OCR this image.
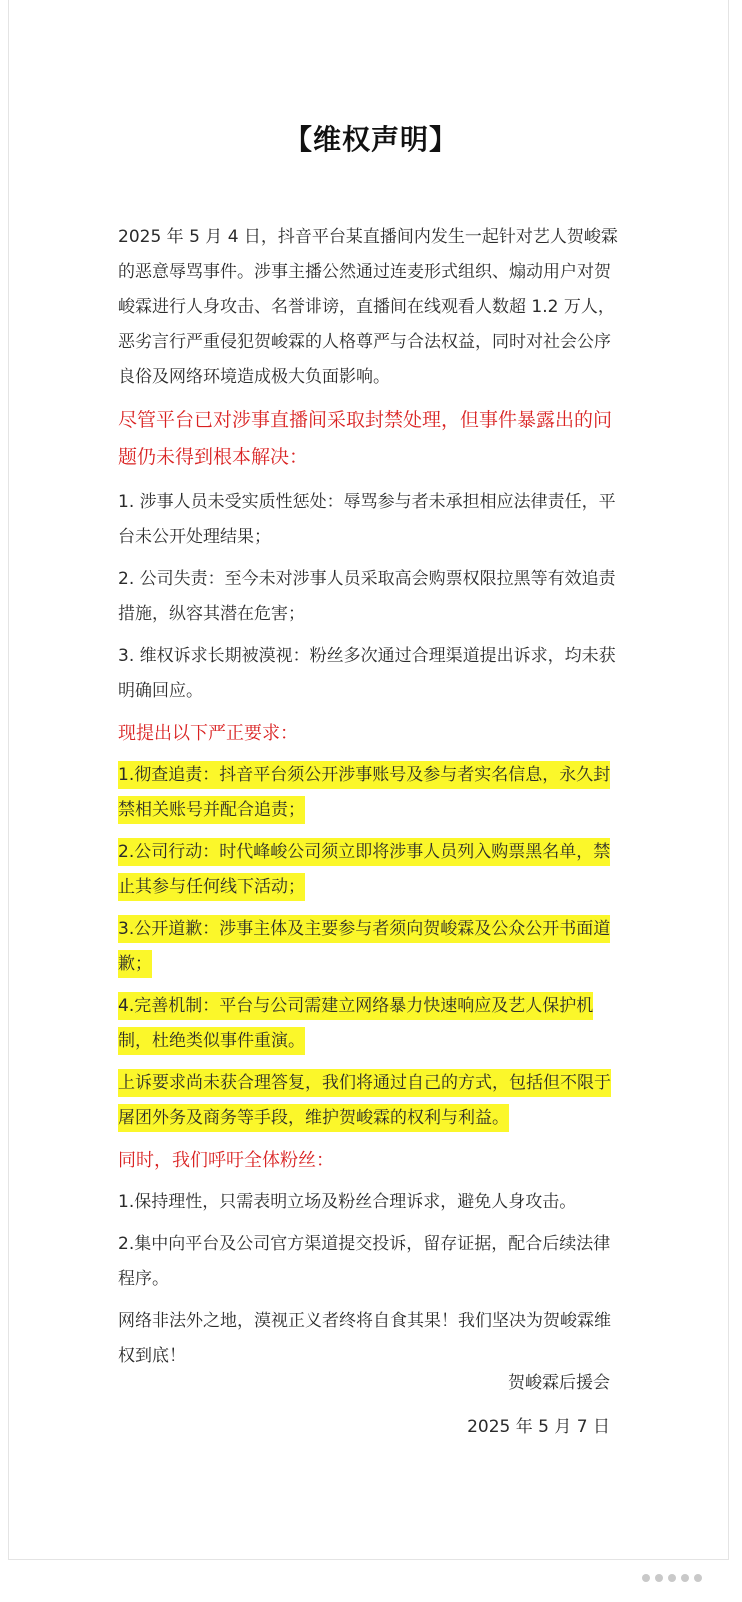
【维权声明】

2025 年 5 月 4 日，抖音平台某直播间内发生一起针对艺人贺峻霖的恶意辱骂事件。涉事主播公然通过连麦形式组织、煽动用户对贺峻霖进行人身攻击、名誉诽谤，直播间在线观看人数超 1.2 万人，恶劣言行严重侵犯贺峻霖的人格尊严与合法权益，同时对社会公序良俗及网络环境造成极大负面影响。

尽管平台已对涉事直播间采取封禁处理，但事件暴露出的问题仍未得到根本解决：

1. 涉事人员未受实质性惩处：辱骂参与者未承担相应法律责任，平台未公开处理结果；

2. 公司失责：至今未对涉事人员采取高会购票权限拉黑等有效追责措施，纵容其潜在危害；

3. 维权诉求长期被漠视：粉丝多次通过合理渠道提出诉求，均未获明确回应。

现提出以下严正要求：

1.彻查追责：抖音平台须公开涉事账号及参与者实名信息，永久封禁相关账号并配合追责；

2.公司行动：时代峰峻公司须立即将涉事人员列入购票黑名单，禁止其参与任何线下活动；

3.公开道歉：涉事主体及主要参与者须向贺峻霖及公众公开书面道歉；

4.完善机制：平台与公司需建立网络暴力快速响应及艺人保护机制，杜绝类似事件重演。

上诉要求尚未获合理答复，我们将通过自己的方式，包括但不限于屠团外务及商务等手段，维护贺峻霖的权利与利益。

同时，我们呼吁全体粉丝：

1.保持理性，只需表明立场及粉丝合理诉求，避免人身攻击。

2.集中向平台及公司官方渠道提交投诉，留存证据，配合后续法律程序。

网络非法外之地，漠视正义者终将自食其果！我们坚决为贺峻霖维权到底！

贺峻霖后援会
2025 年 5 月 7 日
